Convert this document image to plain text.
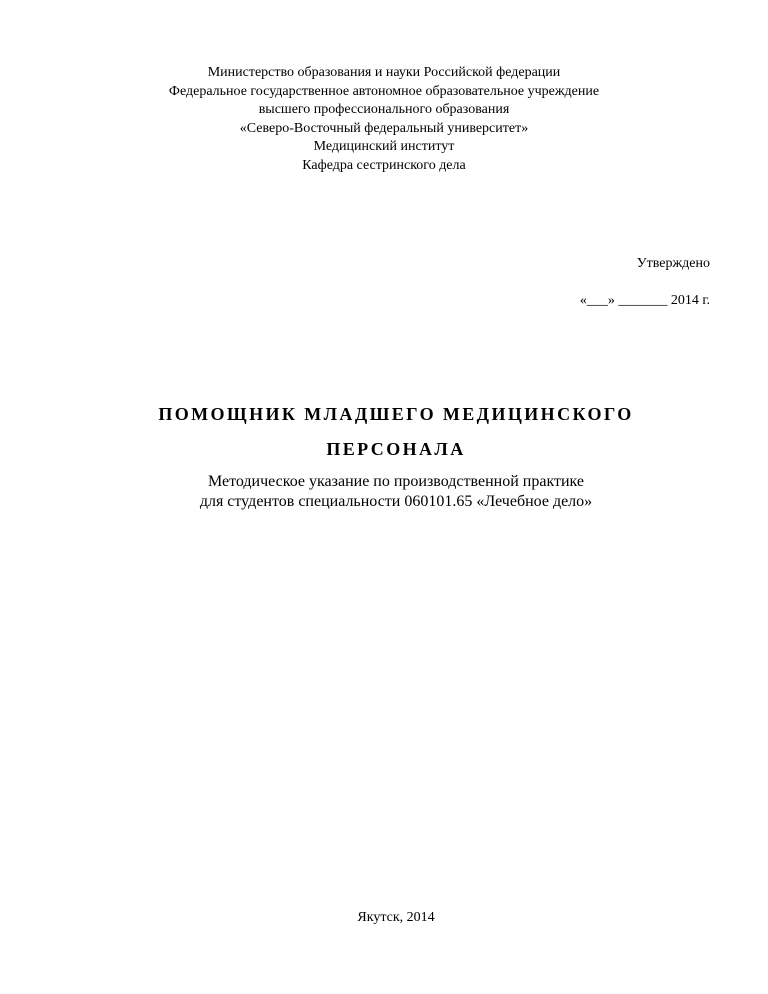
Министерство образования и науки Российской федерации
Федеральное государственное автономное образовательное учреждение
высшего профессионального образования
«Северо-Восточный федеральный университет»
Медицинский институт
Кафедра сестринского дела
Утверждено
«___» _______ 2014 г.
ПОМОЩНИК МЛАДШЕГО МЕДИЦИНСКОГО
ПЕРСОНАЛА
Методическое указание по производственной практике
для студентов специальности 060101.65 «Лечебное дело»
Якутск, 2014
